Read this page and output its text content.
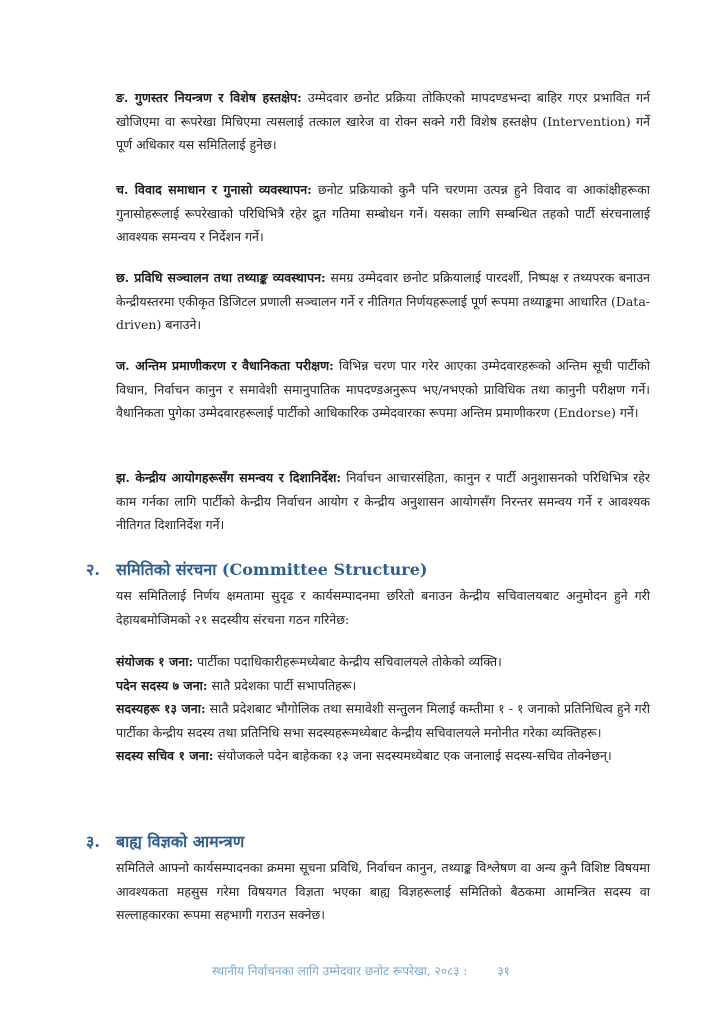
ङ. गुणस्तर नियन्त्रण र विशेष हस्तक्षेप: उम्मेदवार छनोट प्रक्रिया तोकिएको मापदण्डभन्दा बाहिर गएर प्रभावित गर्न खोजिएमा वा रूपरेखा मिचिएमा त्यसलाई तत्काल खारेज वा रोक्न सक्ने गरी विशेष हस्तक्षेप (Intervention) गर्ने पूर्ण अधिकार यस समितिलाई हुनेछ।

च. विवाद समाधान र गुनासो व्यवस्थापन: छनोट प्रक्रियाको कुनै पनि चरणमा उत्पन्न हुने विवाद वा आकांक्षीहरूका गुनासोहरूलाई रूपरेखाको परिधिभित्रै रहेर द्रुत गतिमा सम्बोधन गर्ने। यसका लागि सम्बन्धित तहको पार्टी संरचनालाई आवश्यक समन्वय र निर्देशन गर्ने।

छ. प्रविधि सञ्चालन तथा तथ्याङ्क व्यवस्थापन: समग्र उम्मेदवार छनोट प्रक्रियालाई पारदर्शी, निष्पक्ष र तथ्यपरक बनाउन केन्द्रीयस्तरमा एकीकृत डिजिटल प्रणाली सञ्चालन गर्ने र नीतिगत निर्णयहरूलाई पूर्ण रूपमा तथ्याङ्कमा आधारित (Data-driven) बनाउने।

ज. अन्तिम प्रमाणीकरण र वैधानिकता परीक्षण: विभिन्न चरण पार गरेर आएका उम्मेदवारहरूको अन्तिम सूची पार्टीको विधान, निर्वाचन कानुन र समावेशी समानुपातिक मापदण्डअनुरूप भए/नभएको प्राविधिक तथा कानुनी परीक्षण गर्ने। वैधानिकता पुगेका उम्मेदवारहरूलाई पार्टीको आधिकारिक उम्मेदवारका रूपमा अन्तिम प्रमाणीकरण (Endorse) गर्ने।

झ. केन्द्रीय आयोगहरूसँग समन्वय र दिशानिर्देश: निर्वाचन आचारसंहिता, कानुन र पार्टी अनुशासनको परिधिभित्र रहेर काम गर्नका लागि पार्टीको केन्द्रीय निर्वाचन आयोग र केन्द्रीय अनुशासन आयोगसँग निरन्तर समन्वय गर्ने र आवश्यक नीतिगत दिशानिर्देश गर्ने।

२. समितिको संरचना (Committee Structure)

यस समितिलाई निर्णय क्षमतामा सुदृढ र कार्यसम्पादनमा छरितो बनाउन केन्द्रीय सचिवालयबाट अनुमोदन हुने गरी देहायबमोजिमको २१ सदस्यीय संरचना गठन गरिनेछ:

संयोजक १ जना: पार्टीका पदाधिकारीहरूमध्येबाट केन्द्रीय सचिवालयले तोकेको व्यक्ति।

पदेन सदस्य ७ जना: सातै प्रदेशका पार्टी सभापतिहरू।

सदस्यहरू १३ जना: सातै प्रदेशबाट भौगोलिक तथा समावेशी सन्तुलन मिलाई कम्तीमा १ - १ जनाको प्रतिनिधित्व हुने गरी पार्टीका केन्द्रीय सदस्य तथा प्रतिनिधि सभा सदस्यहरूमध्येबाट केन्द्रीय सचिवालयले मनोनीत गरेका व्यक्तिहरू।

सदस्य सचिव १ जना: संयोजकले पदेन बाहेकका १३ जना सदस्यमध्येबाट एक जनालाई सदस्य-सचिव तोक्नेछन्।

३. बाह्य विज्ञको आमन्त्रण

समितिले आफ्नो कार्यसम्पादनका क्रममा सूचना प्रविधि, निर्वाचन कानुन, तथ्याङ्क विश्लेषण वा अन्य कुनै विशिष्ट विषयमा आवश्यकता महसुस गरेमा विषयगत विज्ञता भएका बाह्य विज्ञहरूलाई समितिको बैठकमा आमन्त्रित सदस्य वा सल्लाहकारका रूपमा सहभागी गराउन सक्नेछ।

स्थानीय निर्वाचनका लागि उम्मेदवार छनोट रूपरेखा, २०८३ :	३१
